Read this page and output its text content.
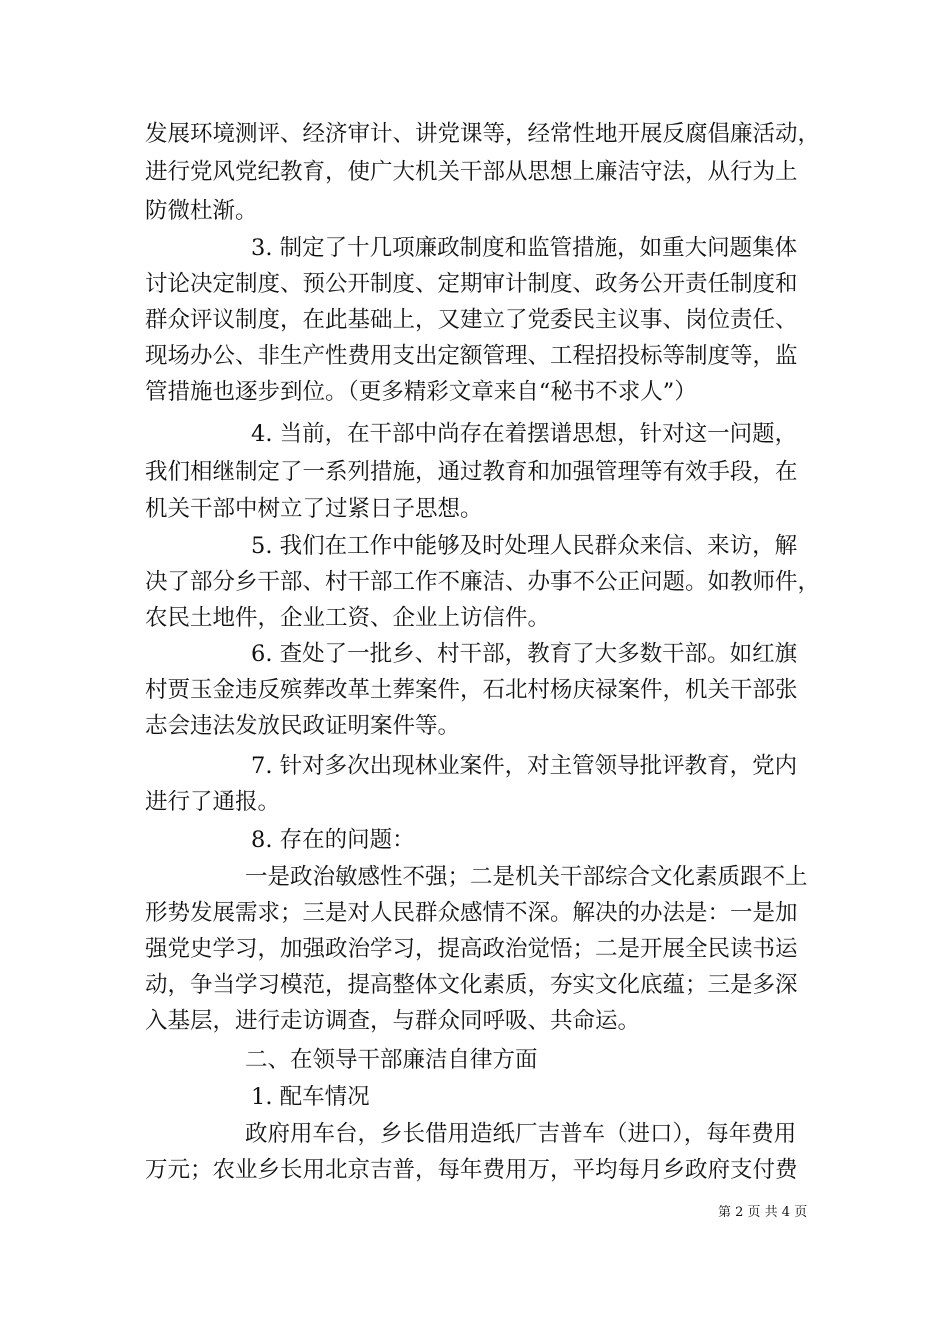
发展环境测评、经济审计、讲党课等，经常性地开展反腐倡廉活动，
进行党风党纪教育，使广大机关干部从思想上廉洁守法，从行为上
防微杜渐。
3. 制定了十几项廉政制度和监管措施，如重大问题集体
讨论决定制度、预公开制度、定期审计制度、政务公开责任制度和
群众评议制度，在此基础上，又建立了党委民主议事、岗位责任、
现场办公、非生产性费用支出定额管理、工程招投标等制度等，监
管措施也逐步到位。（更多精彩文章来自“秘书不求人”）
4. 当前，在干部中尚存在着摆谱思想，针对这一问题，
我们相继制定了一系列措施，通过教育和加强管理等有效手段，在
机关干部中树立了过紧日子思想。
5. 我们在工作中能够及时处理人民群众来信、来访，解
决了部分乡干部、村干部工作不廉洁、办事不公正问题。如教师件，
农民土地件，企业工资、企业上访信件。
6. 查处了一批乡、村干部，教育了大多数干部。如红旗
村贾玉金违反殡葬改革土葬案件，石北村杨庆禄案件，机关干部张
志会违法发放民政证明案件等。
7. 针对多次出现林业案件，对主管领导批评教育，党内
进行了通报。
8. 存在的问题：
一是政治敏感性不强；二是机关干部综合文化素质跟不上
形势发展需求；三是对人民群众感情不深。解决的办法是：一是加
强党史学习，加强政治学习，提高政治觉悟；二是开展全民读书运
动，争当学习模范，提高整体文化素质，夯实文化底蕴；三是多深
入基层，进行走访调查，与群众同呼吸、共命运。
二、在领导干部廉洁自律方面
1. 配车情况
政府用车台，乡长借用造纸厂吉普车（进口），每年费用
万元；农业乡长用北京吉普，每年费用万，平均每月乡政府支付费
第 2 页 共 4 页
